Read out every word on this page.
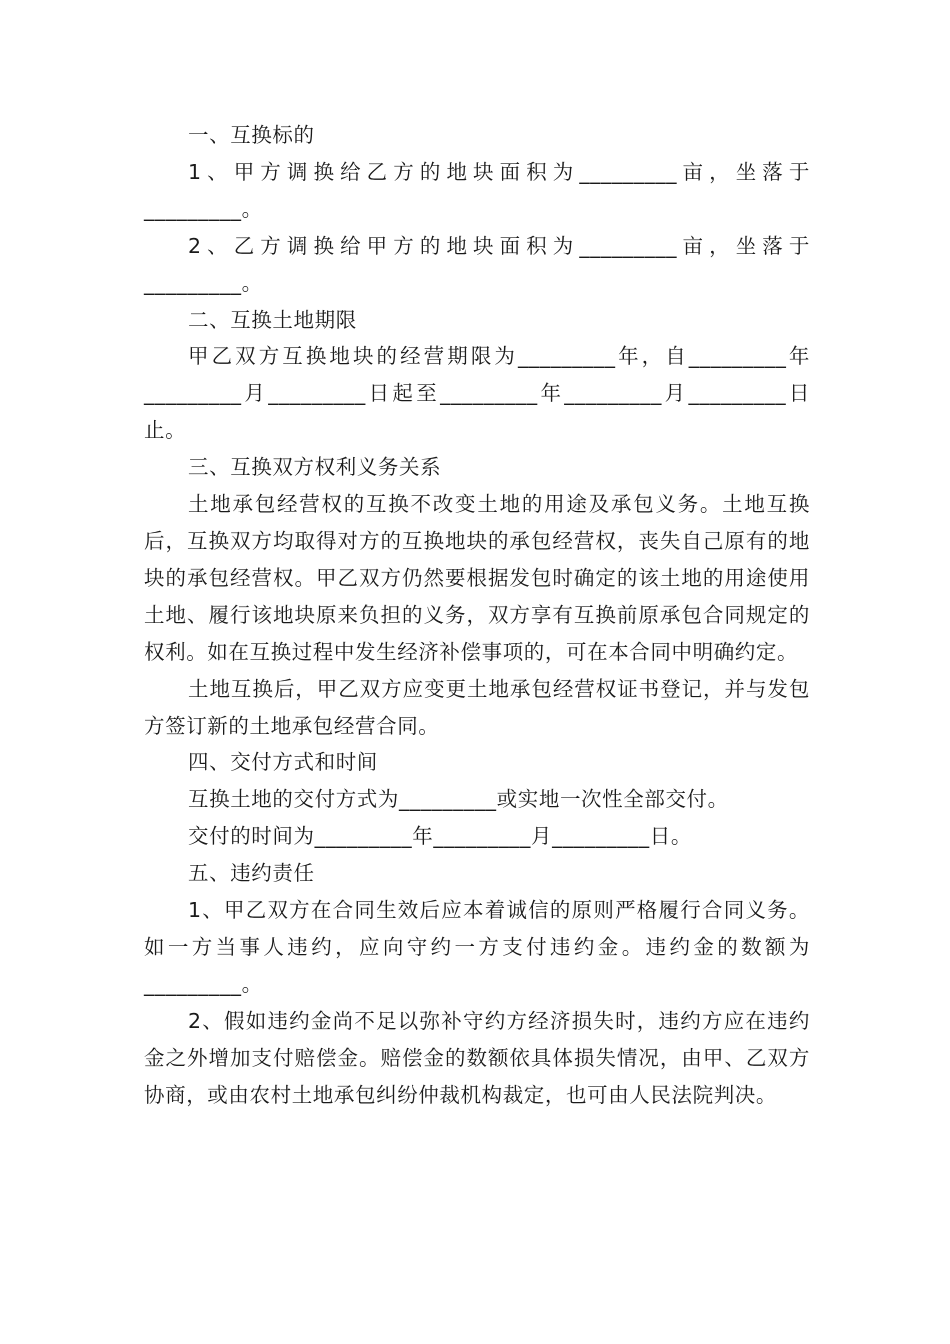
一、互换标的

1、甲方调换给乙方的地块面积为_________亩，坐落于_________。

2、乙方调换给甲方的地块面积为_________亩，坐落于_________。

二、互换土地期限

甲乙双方互换地块的经营期限为_________年，自_________年_________月_________日起至_________年_________月_________日止。

三、互换双方权利义务关系

土地承包经营权的互换不改变土地的用途及承包义务。土地互换后，互换双方均取得对方的互换地块的承包经营权，丧失自己原有的地块的承包经营权。甲乙双方仍然要根据发包时确定的该土地的用途使用土地、履行该地块原来负担的义务，双方享有互换前原承包合同规定的权利。如在互换过程中发生经济补偿事项的，可在本合同中明确约定。

土地互换后，甲乙双方应变更土地承包经营权证书登记，并与发包方签订新的土地承包经营合同。

四、交付方式和时间

互换土地的交付方式为_________或实地一次性全部交付。

交付的时间为_________年_________月_________日。

五、违约责任

1、甲乙双方在合同生效后应本着诚信的原则严格履行合同义务。如一方当事人违约，应向守约一方支付违约金。违约金的数额为_________。

2、假如违约金尚不足以弥补守约方经济损失时，违约方应在违约金之外增加支付赔偿金。赔偿金的数额依具体损失情况，由甲、乙双方协商，或由农村土地承包纠纷仲裁机构裁定，也可由人民法院判决。
